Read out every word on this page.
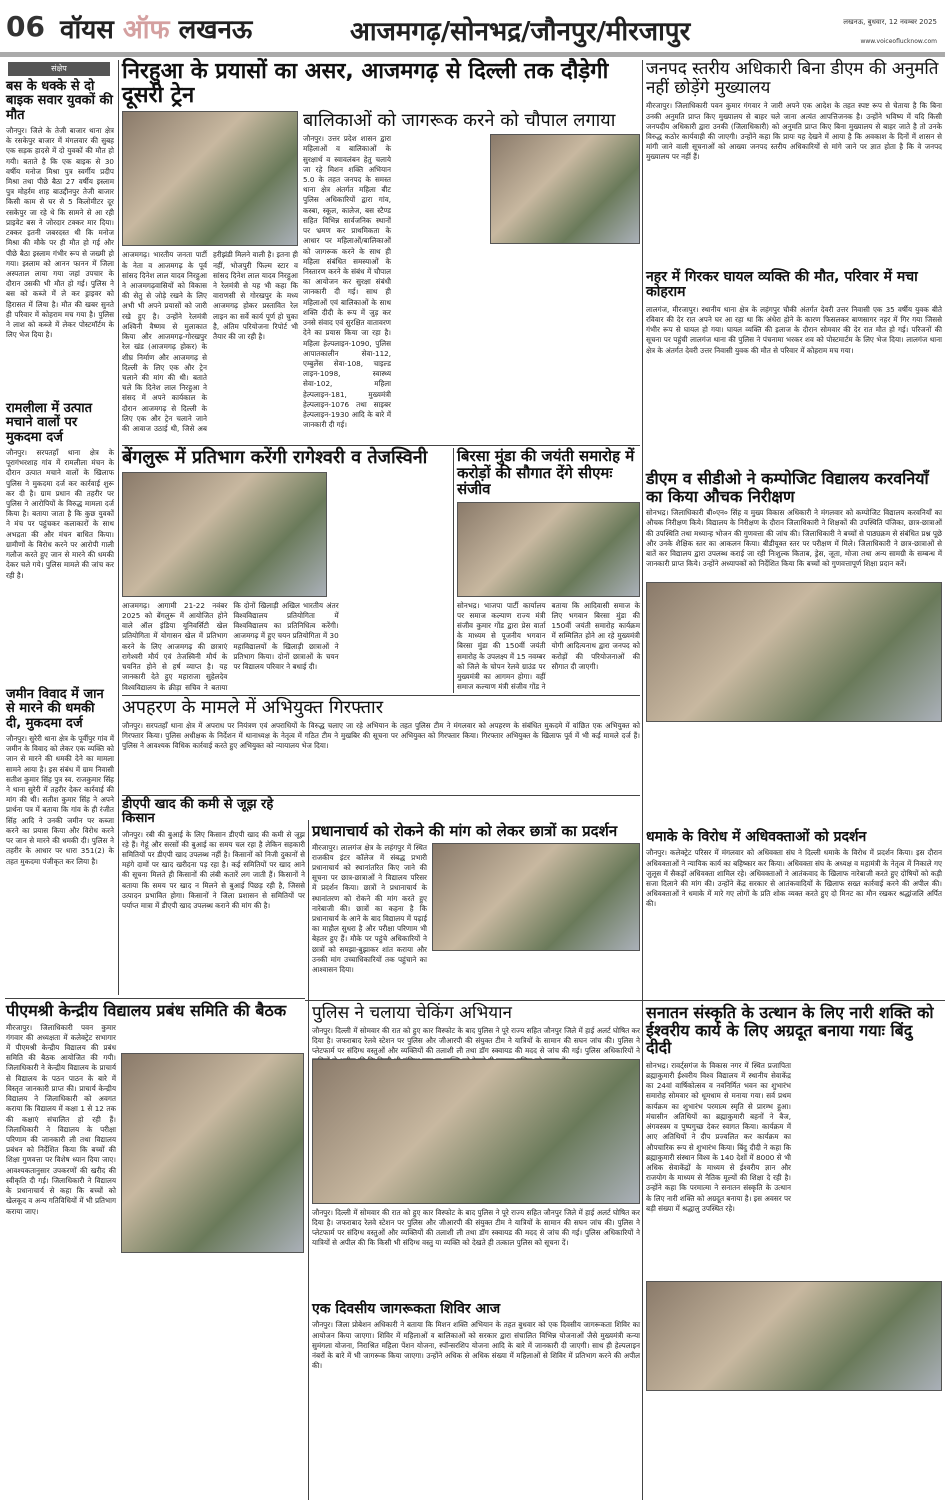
06 वॉयस ऑफ लखनऊ	आजमगढ़/सोनभद्र/जौनपुर/मीरजापुर	लखनऊ, बुधवार, 12 नवम्बर 2025
www.voiceoflucknow.com
संक्षेप
बस के धक्के से दो बाइक सवार युवकों की मौत
जौनपुर। जिले के तेजी बाजार थाना क्षेत्र के रसकेपुर बाजार में मंगलवार की सुबह एक सड़क हादसे में दो युवकों की मौत हो गयी। बताते है कि एक बाइक से 30 वर्षीय मनोज मिश्रा पुत्र स्वर्गीय प्रदीप मिश्रा तथा पीछे बैठा 27 वर्षीय इस्लाम पुत्र मोहर्रम शाह बाउद्दीनपुर तेजी बाजार किसी काम से घर से 5 किलोमीटर दूर रसकेपुर जा रहे थे कि सामने से आ रही प्राइवेट बस ने जोरदार टक्कर मार दिया। टक्कर इतनी जबरदस्त थी कि मनोज मिश्रा की मौके पर ही मौत हो गई और पीछे बैठा इस्लाम गंभीर रूप से जख्मी हो गया। इस्लाम को आनन फानन में जिला अस्पताल लाया गया जहां उपचार के दौरान उसकी भी मौत हो गई। पुलिस ने बस को कब्जे में ले कर ड्राइवर को हिरासत में लिया है। मौत की खबर सुनते ही परिवार में कोहराम मच गया है। पुलिस ने लाश को कब्जे में लेकर पोस्टमॉर्टम के लिए भेज दिया है।
रामलीला में उत्पात मचाने वालों पर मुकदमा दर्ज
जौनपुर। सरपतहाँ थाना क्षेत्र के पूरागंभरशाह गांव में रामलीला मंचन के दौरान उत्पात मचाने वालों के खिलाफ पुलिस ने मुकदमा दर्ज कर कार्रवाई शुरू कर दी है। ग्राम प्रधान की तहरीर पर पुलिस ने आरोपियों के विरुद्ध मामला दर्ज किया है। बताया जाता है कि कुछ युवकों ने मंच पर पहुंचकर कलाकारों के साथ अभद्रता की और मंचन बाधित किया। ग्रामीणों के विरोध करने पर आरोपी गाली गलौज करते हुए जान से मारने की धमकी देकर चले गये। पुलिस मामले की जांच कर रही है।
जमीन विवाद में जान से मारने की धमकी दी, मुकदमा दर्ज
जौनपुर। सुरेरी थाना क्षेत्र के पूर्वीपुर गांव में जमीन के विवाद को लेकर एक व्यक्ति को जान से मारने की धमकी देने का मामला सामने आया है। इस संबंध में ग्राम निवासी सतीश कुमार सिंह पुत्र स्व. राजकुमार सिंह ने थाना सुरेरी में तहरीर देकर कार्रवाई की मांग की थी। सतीश कुमार सिंह ने अपने प्रार्थना पत्र में बताया कि गांव के ही रंजीत सिंह आदि ने उनकी जमीन पर कब्जा करने का प्रयास किया और विरोध करने पर जान से मारने की धमकी दी। पुलिस ने तहरीर के आधार पर धारा 351(2) के तहत मुकदमा पंजीकृत कर लिया है।
निरहुआ के प्रयासों का असर, आजमगढ़ से दिल्ली तक दौड़ेगी दूसरी ट्रेन
आजमगढ़। भारतीय जनता पार्टी के नेता व आजमगढ़ के पूर्व सांसद दिनेश लाल यादव निरहुआ ने आजमगढ़वासियों को विकास की सेतु से जोड़े रखने के लिए अभी भी अपने प्रयासों को जारी रखे हुए है। उन्होंने रेलमंत्री अश्विनी वैष्णव से मुलाकात किया और आजमगढ़-गोरखपुर रेल खंड (आजमगढ़ होकर) के शीघ्र निर्माण और आजमगढ़ से दिल्ली के लिए एक और ट्रेन चलाने की मांग की थी। बताते चले कि दिनेश लाल निरहुआ ने संसद में अपने कार्यकाल के दौरान आजमगढ़ से दिल्ली के लिए एक और ट्रेन चलाने जाने की आवाज उठाई थी, जिसे अब हरीझंडी मिलने वाली है। इतना ही नहीं, भोजपुरी फिल्म स्टार व सांसद दिनेश लाल यादव निरहुआ ने रेलमंत्री से यह भी कहा कि वाराणसी से गोरखपुर के मध्य आजमगढ़ होकर प्रस्तावित रेल लाइन का सर्वे कार्य पूर्ण हो चुका है, अंतिम परियोजना रिपोर्ट भी तैयार की जा रही है।
बालिकाओं को जागरूक करने को चौपाल लगाया
जौनपुर। उत्तर प्रदेश शासन द्वारा महिलाओं व बालिकाओं के सुरक्षार्थ व स्वावलंबन हेतु चलाये जा रहे मिशन शक्ति अभियान 5.0 के तहत जनपद के समस्त थाना क्षेत्र अंतर्गत महिला बीट पुलिस अधिकारियों द्वारा गांव, कस्बा, स्कूल, कालेज, बस स्टैण्ड सहित विभिन्न सार्वजनिक स्थानों पर भ्रमण कर प्राथमिकता के आधार पर महिलाओं/बालिकाओं को जागरूक करने के साथ ही महिला संबंधित समस्याओं के निस्तारण करने के संबंध में चौपाल का आयोजन कर सुरक्षा संबंधी जानकारी दी गई। साथ ही महिलाओं एवं बालिकाओं के साथ शक्ति दीदी के रूप में जुड़ कर उनसे संवाद एवं सुरक्षित वातावरण देने का प्रयास किया जा रहा है। महिला हेल्पलाइन-1090, पुलिस आपातकालीन सेवा-112, एम्बुलेंस सेवा-108, चाइल्ड लाइन-1098, स्वास्थ्य सेवा-102, महिला हेल्पलाइन-181, मुख्यमंत्री हेल्पलाइन-1076 तथा साइबर हेल्पलाइन-1930 आदि के बारे में जानकारी दी गई।
जनपद स्तरीय अधिकारी बिना डीएम की अनुमति नहीं छोड़ेंगे मुख्यालय
मीरजापुर। जिलाधिकारी पवन कुमार गंगवार ने जारी अपने एक आदेश के तहत स्पष्ट रूप से चेताया है कि बिना उनकी अनुमति प्राप्त किए मुख्यालय से बाहर चले जाना अत्यंत आपत्तिजनक है। उन्होंने भविष्य में यदि किसी जनपदीय अधिकारी द्वारा उनकी (जिलाधिकारी) को अनुमति प्राप्त किए बिना मुख्यालय से बाहर जाते है तो उनके विरुद्ध कठोर कार्यवाही की जाएगी। उन्होंने कहा कि प्रायः यह देखने में आया है कि अवकाश के दिनों में शासन से मांगी जाने वाली सूचनाओं को आख्या जनपद स्तरीय अधिकारियों से मांगे जाने पर ज्ञात होता है कि वे जनपद मुख्यालय पर नहीं हैं।
नहर में गिरकर घायल व्यक्ति की मौत, परिवार में मचा कोहराम
लालगंज, मीरजापुर। स्थानीय थाना क्षेत्र के लहंगपुर चौकी अंतर्गत देवरी उत्तर निवासी एक 35 वर्षीय युवक बीते रविवार की देर रात अपने घर आ रहा था कि अंधेरा होने के कारण फिसलकर बाणसागर नहर में गिर गया जिससे गंभीर रूप से घायल हो गया। घायल व्यक्ति की इलाज के दौरान सोमवार की देर रात मौत हो गई। परिजनों की सूचना पर पहुंची लालगंज थाना की पुलिस ने पंचनामा भरकर शव को पोस्टमार्टम के लिए भेज दिया। लालगंज थाना क्षेत्र के अंतर्गत देवरी उत्तर निवासी युवक की मौत से परिवार में कोहराम मच गया।
डीएम व सीडीओ ने कम्पोजिट विद्यालय करवनियाँ का किया औचक निरीक्षण
सोनभद्र। जिलाधिकारी बी०एन० सिंह व मुख्य विकास अधिकारी ने मंगलवार को कम्पोजिट विद्यालय करवनियाँ का औचक निरीक्षण किये। विद्यालय के निरीक्षण के दौरान जिलाधिकारी ने शिक्षकों की उपस्थिति पंजिका, छात्र-छात्राओं की उपस्थिति तथा मध्यान्ह भोजन की गुणवत्ता की जांच की। जिलाधिकारी ने बच्चों से पाठ्यक्रम से संबंधित प्रश्न पूछे और उनके शैक्षिक स्तर का आकलन किया। बीडीयूक्त स्तर पर परीक्षण में मिले। जिलाधिकारी ने छात्र-छात्राओं से बातें कर विद्यालय द्वारा उपलब्ध कराई जा रही निःशुल्क किताब, ड्रेस, जूता, मोजा तथा अन्य सामग्री के सम्बन्ध में जानकारी प्राप्त किये। उन्होंने अध्यापकों को निर्देशित किया कि बच्चों को गुणवत्तापूर्ण शिक्षा प्रदान करें।
धमाके के विरोध में अधिवक्ताओं को प्रदर्शन
जौनपुर। कलेक्ट्रेट परिसर में मंगलवार को अधिवक्ता संघ ने दिल्ली धमाके के विरोध में प्रदर्शन किया। इस दौरान अधिवक्ताओं ने न्यायिक कार्य का बहिष्कार कर किया। अधिवक्ता संघ के अध्यक्ष व महामंत्री के नेतृत्व में निकाले गए जुलूस में सैकड़ों अधिवक्ता शामिल रहे। अधिवक्ताओं ने आतंकवाद के खिलाफ नारेबाजी करते हुए दोषियों को कड़ी सजा दिलाने की मांग की। उन्होंने केंद्र सरकार से आतंकवादियों के खिलाफ सख्त कार्रवाई करने की अपील की। अधिवक्ताओं ने धमाके में मारे गए लोगों के प्रति शोक व्यक्त करते हुए दो मिनट का मौन रखकर श्रद्धांजलि अर्पित की।
बेंगलुरू में प्रतिभाग करेंगी रागेश्वरी व तेजस्विनी
आजमगढ़। आगामी 21-22 नवंबर 2025 को बेंगलुरू में आयोजित होने वाले ऑल इंडिया यूनिवर्सिटी खेल प्रतियोगिता में योगासन खेल में प्रतिभाग करने के लिए आजमगढ़ की छात्राएं रागेश्वरी मौर्य एवं तेजस्विनी मौर्य के चयनित होने से हर्ष व्याप्त है। यह जानकारी देते हुए महाराजा सुहेलदेव विश्वविद्यालय के क्रीड़ा सचिव ने बताया कि दोनों खिलाड़ी अखिल भारतीय अंतर विश्वविद्यालय प्रतियोगिता में विश्वविद्यालय का प्रतिनिधित्व करेंगी। आजमगढ़ में हुए चयन प्रतियोगिता में 30 महाविद्यालयों के खिलाड़ी छात्राओं ने प्रतिभाग किया। दोनों छात्राओं के चयन पर विद्यालय परिवार ने बधाई दी।
बिरसा मुंडा की जयंती समारोह में करोड़ों की सौगात देंगे सीएमः संजीव
सोनभद्र। भाजपा पार्टी कार्यालय पर समाज कल्याण राज्य मंत्री संजीव कुमार गोंड द्वारा प्रेस वार्ता के माध्यम से पूजनीय भगवान बिरसा मुंडा की 150वीं जयंती समारोह के उपलक्ष्य में 15 नवम्बर को जिले के चोपन रेलवे ग्राउंड पर मुख्यमंत्री का आगमन होगा। वहीं समाज कल्याण मंत्री संजीव गोंड ने बताया कि आदिवासी समाज के लिए भगवान बिरसा मुंडा की 150वीं जयंती समारोह कार्यक्रम में सम्मिलित होने आ रहे मुख्यमंत्री योगी आदित्यनाथ द्वारा जनपद को करोड़ों की परियोजनाओं की सौगात दी जाएगी।
अपहरण के मामले में अभियुक्त गिरफ्तार
जौनपुर। सरपतहाँ थाना क्षेत्र में अपराध पर नियंत्रण एवं अपराधियों के विरुद्ध चलाए जा रहे अभियान के तहत पुलिस टीम ने मंगलवार को अपहरण के संबंधित मुकदमे में वांछित एक अभियुक्त को गिरफ्तार किया। पुलिस अधीक्षक के निर्देशन में थानाध्यक्ष के नेतृत्व में गठित टीम ने मुखबिर की सूचना पर अभियुक्त को गिरफ्तार किया। गिरफ्तार अभियुक्त के खिलाफ पूर्व में भी कई मामले दर्ज हैं। पुलिस ने आवश्यक विधिक कार्रवाई करते हुए अभियुक्त को न्यायालय भेज दिया।
डीएपी खाद की कमी से जूझ रहे किसान
जौनपुर। रबी की बुआई के लिए किसान डीएपी खाद की कमी से जूझ रहे हैं। गेहूं और सरसों की बुआई का समय चल रहा है लेकिन सहकारी समितियों पर डीएपी खाद उपलब्ध नहीं है। किसानों को निजी दुकानों से महंगे दामों पर खाद खरीदना पड़ रहा है। कई समितियों पर खाद आने की सूचना मिलते ही किसानों की लंबी कतारें लग जाती हैं। किसानों ने बताया कि समय पर खाद न मिलने से बुआई पिछड़ रही है, जिससे उत्पादन प्रभावित होगा। किसानों ने जिला प्रशासन से समितियों पर पर्याप्त मात्रा में डीएपी खाद उपलब्ध कराने की मांग की है।
प्रधानाचार्य को रोकने की मांग को लेकर छात्रों का प्रदर्शन
मीरजापुर। लालगंज क्षेत्र के लहंगपुर में स्थित राजकीय इंटर कॉलेज में संबद्ध प्रभारी प्रधानाचार्य को स्थानांतरित किए जाने की सूचना पर छात्र-छात्राओं ने विद्यालय परिसर में प्रदर्शन किया। छात्रों ने प्रधानाचार्य के स्थानांतरण को रोकने की मांग करते हुए नारेबाजी की। छात्रों का कहना है कि प्रधानाचार्य के आने के बाद विद्यालय में पढ़ाई का माहौल सुधरा है और परीक्षा परिणाम भी बेहतर हुए हैं। मौके पर पहुंचे अधिकारियों ने छात्रों को समझा-बुझाकर शांत कराया और उनकी मांग उच्चाधिकारियों तक पहुंचाने का आश्वासन दिया।
पीएमश्री केन्द्रीय विद्यालय प्रबंध समिति की बैठक
मीरजापुर। जिलाधिकारी पवन कुमार गंगवार की अध्यक्षता में कलेक्ट्रेट सभागार में पीएमश्री केन्द्रीय विद्यालय की प्रबंध समिति की बैठक आयोजित की गयी। जिलाधिकारी ने केन्द्रीय विद्यालय के प्राचार्य से विद्यालय के पठन पाठन के बारे में विस्तृत जानकारी प्राप्त की। प्राचार्य केन्द्रीय विद्यालय ने जिलाधिकारी को अवगत कराया कि विद्यालय में कक्षा 1 से 12 तक की कक्षाएं संचालित हो रही हैं। जिलाधिकारी ने विद्यालय के परीक्षा परिणाम की जानकारी ली तथा विद्यालय प्रबंधन को निर्देशित किया कि बच्चों की शिक्षा गुणवत्ता पर विशेष ध्यान दिया जाए। आवश्यकतानुसार उपकरणों की खरीद की स्वीकृति दी गई। जिलाधिकारी ने विद्यालय के प्रधानाचार्य से कहा कि बच्चों को खेलकूद व अन्य गतिविधियों में भी प्रतिभाग कराया जाए।
पुलिस ने चलाया चेकिंग अभियान
जौनपुर। दिल्ली में सोमवार की रात को हुए कार विस्फोट के बाद पुलिस ने पूरे राज्य सहित जौनपुर जिले में हाई अलर्ट घोषित कर दिया है। जफराबाद रेलवे स्टेशन पर पुलिस और जीआरपी की संयुक्त टीम ने यात्रियों के सामान की सघन जांच की। पुलिस ने प्लेटफार्म पर संदिग्ध वस्तुओं और व्यक्तियों की तलाशी ली तथा डॉग स्क्वायड की मदद से जांच की गई। पुलिस अधिकारियों ने
जौनपुर। दिल्ली में सोमवार की रात को हुए कार विस्फोट के बाद पुलिस ने पूरे राज्य सहित जौनपुर जिले में हाई अलर्ट घोषित कर दिया है। जफराबाद रेलवे स्टेशन पर पुलिस और जीआरपी की संयुक्त टीम ने यात्रियों के सामान की सघन जांच की। पुलिस ने प्लेटफार्म पर संदिग्ध वस्तुओं और व्यक्तियों की तलाशी ली तथा डॉग स्क्वायड की मदद से जांच की गई। पुलिस अधिकारियों ने यात्रियों से अपील की कि किसी भी संदिग्ध वस्तु या व्यक्ति को देखते ही तत्काल पुलिस को सूचना दें।
एक दिवसीय जागरूकता शिविर आज
जौनपुर। जिला प्रोबेशन अधिकारी ने बताया कि मिशन शक्ति अभियान के तहत बुधवार को एक दिवसीय जागरूकता शिविर का आयोजन किया जाएगा। शिविर में महिलाओं व बालिकाओं को सरकार द्वारा संचालित विभिन्न योजनाओं जैसे मुख्यमंत्री कन्या सुमंगला योजना, निराश्रित महिला पेंशन योजना, स्पॉन्सरशिप योजना आदि के बारे में जानकारी दी जाएगी। साथ ही हेल्पलाइन नंबरों के बारे में भी जागरूक किया जाएगा। उन्होंने अधिक से अधिक संख्या में महिलाओं से शिविर में प्रतिभाग करने की अपील की।
सनातन संस्कृति के उत्थान के लिए नारी शक्ति को ईश्वरीय कार्य के लिए अग्रदूत बनाया गयाः बिंदु दीदी
सोनभद्र। रावर्ट्सगंज के विकास नगर में स्थित प्रजापिता ब्रह्माकुमारी ईश्वरीय विश्व विद्यालय में स्थानीय सेवाकेंद्र का 24वां वार्षिकोत्सव व नवनिर्मित भवन का शुभारंभ समारोह सोमवार को धूमधाम से मनाया गया। सर्व प्रथम कार्यक्रम का शुभारंभ परमात्म स्मृति से प्रारम्भ हुआ। मंचासीन अतिथियों का ब्रह्माकुमारी बहनों ने बैज, अंगवस्त्रम व पुष्पगुच्छ देकर स्वागत किया। कार्यक्रम में आए अतिथियों ने दीप प्रज्वलित कर कार्यक्रम का औपचारिक रूप से शुभारंभ किया। बिंदु दीदी ने कहा कि ब्रह्माकुमारी संस्थान विश्व के 140 देशों में 8000 से भी अधिक सेवाकेंद्रों के माध्यम से ईश्वरीय ज्ञान और राजयोग के माध्यम से नैतिक मूल्यों की शिक्षा दे रही है। उन्होंने कहा कि परमात्मा ने सनातन संस्कृति के उत्थान के लिए नारी शक्ति को अग्रदूत बनाया है। इस अवसर पर बड़ी संख्या में श्रद्धालु उपस्थित रहे।
